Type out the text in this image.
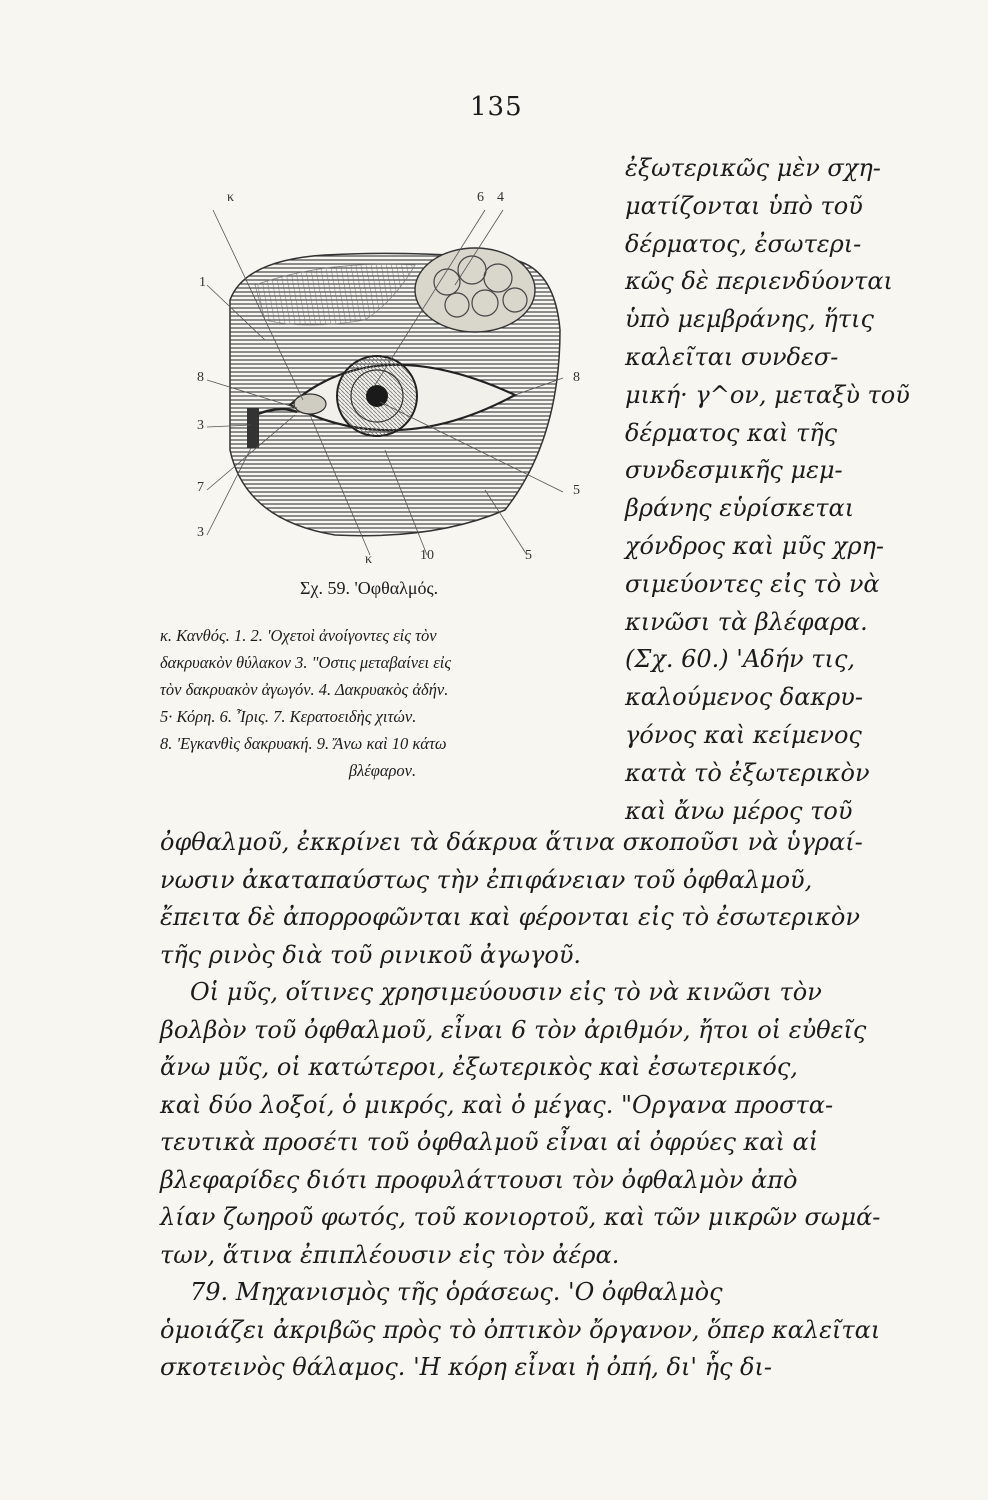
135
κ	6 4
1
8
3
7
3
8
5
κ	10	5
Σχ. 59. 'Οφθαλμός.
κ. Κανθός. 1. 2. 'Οχετοὶ ἀνοίγοντες εἰς τὸν
δακρυακὸν θύλακον 3. "Οστις μεταβαίνει εἰς
τὸν δακρυακὸν ἀγωγόν. 4. Δακρυακὸς ἀδήν.
5· Κόρη. 6. Ἶρις. 7. Κερατοειδὴς χιτών.
8. 'Εγκανθὶς δακρυακή. 9. Ἄνω καὶ 10 κάτω
βλέφαρον.
ἐξωτερικῶς μὲν σχη-
ματίζονται ὑπὸ τοῦ
δέρματος, ἐσωτερι-
κῶς δὲ περιενδύονται
ὑπὸ μεμβράνης, ἥτις
καλεῖται συνδεσ-
μική· γ^ον, μεταξὺ τοῦ
δέρματος καὶ τῆς
συνδεσμικῆς μεμ-
βράνης εὑρίσκεται
χόνδρος καὶ μῦς χρη-
σιμεύοντες εἰς τὸ νὰ
κινῶσι τὰ βλέφαρα.
(Σχ. 60.) 'Αδήν τις,
καλούμενος δακρυ-
γόνος καὶ κείμενος
κατὰ τὸ ἐξωτερικὸν
καὶ ἄνω μέρος τοῦ
ὀφθαλμοῦ, ἐκκρίνει τὰ δάκρυα ἅτινα σκοποῦσι νὰ ὑγραί-
νωσιν ἀκαταπαύστως τὴν ἐπιφάνειαν τοῦ ὀφθαλμοῦ,
ἔπειτα δὲ ἀπορροφῶνται καὶ φέρονται εἰς τὸ ἐσωτερικὸν
τῆς ρινὸς διὰ τοῦ ρινικοῦ ἀγωγοῦ.
Οἱ μῦς, οἵτινες χρησιμεύουσιν εἰς τὸ νὰ κινῶσι τὸν
βολβὸν τοῦ ὀφθαλμοῦ, εἶναι 6 τὸν ἀριθμόν, ἤτοι οἱ εὐθεῖς
ἄνω μῦς, οἱ κατώτεροι, ἐξωτερικὸς καὶ ἐσωτερικός,
καὶ δύο λοξοί, ὁ μικρός, καὶ ὁ μέγας. "Οργανα προστα-
τευτικὰ προσέτι τοῦ ὀφθαλμοῦ εἶναι αἱ ὀφρύες καὶ αἱ
βλεφαρίδες διότι προφυλάττουσι τὸν ὀφθαλμὸν ἀπὸ
λίαν ζωηροῦ φωτός, τοῦ κονιορτοῦ, καὶ τῶν μικρῶν σωμά-
των, ἅτινα ἐπιπλέουσιν εἰς τὸν ἀέρα.
79. Μηχανισμὸς τῆς ὁράσεως. 'Ο ὀφθαλμὸς
ὁμοιάζει ἀκριβῶς πρὸς τὸ ὀπτικὸν ὄργανον, ὅπερ καλεῖται
σκοτεινὸς θάλαμος. 'Η κόρη εἶναι ἡ ὀπή, δι' ἧς δι-
